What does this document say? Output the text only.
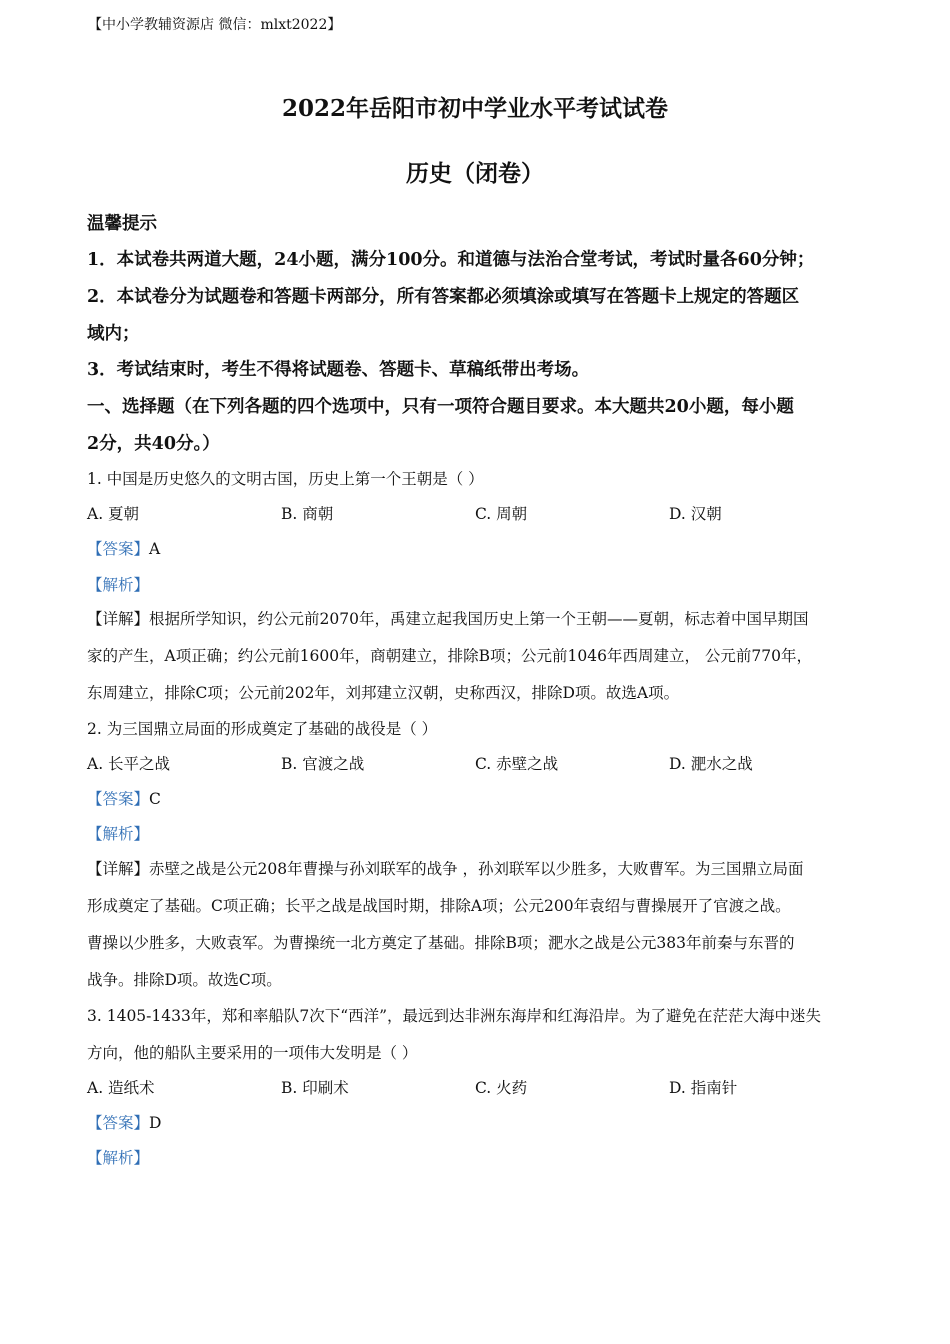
【中小学教辅资源店 微信：mlxt2022】
2022年岳阳市初中学业水平考试试卷
历史（闭卷）
温馨提示
1．本试卷共两道大题，24小题，满分100分。和道德与法治合堂考试，考试时量各60分钟；
2．本试卷分为试题卷和答题卡两部分，所有答案都必须填涂或填写在答题卡上规定的答题区
域内；
3．考试结束时，考生不得将试题卷、答题卡、草稿纸带出考场。
一、选择题（在下列各题的四个选项中，只有一项符合题目要求。本大题共20小题，每小题
2分，共40分。）
1. 中国是历史悠久的文明古国，历史上第一个王朝是（ ）
A. 夏朝	B. 商朝	C. 周朝	D. 汉朝
【答案】A
【解析】
【详解】根据所学知识，约公元前2070年，禹建立起我国历史上第一个王朝——夏朝，标志着中国早期国
家的产生，A项正确；约公元前1600年，商朝建立，排除B项；公元前1046年西周建立， 公元前770年，
东周建立，排除C项；公元前202年，刘邦建立汉朝，史称西汉，排除D项。故选A项。
2. 为三国鼎立局面的形成奠定了基础的战役是（ ）
A. 长平之战	B. 官渡之战	C. 赤壁之战	D. 淝水之战
【答案】C
【解析】
【详解】赤壁之战是公元208年曹操与孙刘联军的战争 ，孙刘联军以少胜多，大败曹军。为三国鼎立局面
形成奠定了基础。C项正确；长平之战是战国时期，排除A项；公元200年袁绍与曹操展开了官渡之战。
曹操以少胜多，大败袁军。为曹操统一北方奠定了基础。排除B项；淝水之战是公元383年前秦与东晋的
战争。排除D项。故选C项。
3. 1405-1433年，郑和率船队7次下“西洋”，最远到达非洲东海岸和红海沿岸。为了避免在茫茫大海中迷失
方向，他的船队主要采用的一项伟大发明是（ ）
A. 造纸术	B. 印刷术	C. 火药	D. 指南针
【答案】D
【解析】
